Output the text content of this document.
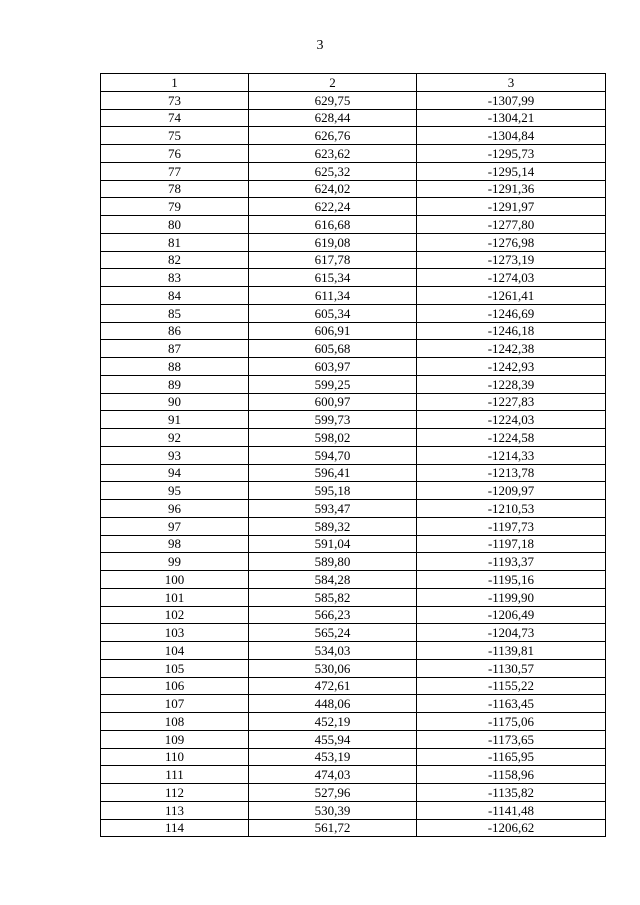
3
1	2	3
73	629,75	-1307,99
74	628,44	-1304,21
75	626,76	-1304,84
76	623,62	-1295,73
77	625,32	-1295,14
78	624,02	-1291,36
79	622,24	-1291,97
80	616,68	-1277,80
81	619,08	-1276,98
82	617,78	-1273,19
83	615,34	-1274,03
84	611,34	-1261,41
85	605,34	-1246,69
86	606,91	-1246,18
87	605,68	-1242,38
88	603,97	-1242,93
89	599,25	-1228,39
90	600,97	-1227,83
91	599,73	-1224,03
92	598,02	-1224,58
93	594,70	-1214,33
94	596,41	-1213,78
95	595,18	-1209,97
96	593,47	-1210,53
97	589,32	-1197,73
98	591,04	-1197,18
99	589,80	-1193,37
100	584,28	-1195,16
101	585,82	-1199,90
102	566,23	-1206,49
103	565,24	-1204,73
104	534,03	-1139,81
105	530,06	-1130,57
106	472,61	-1155,22
107	448,06	-1163,45
108	452,19	-1175,06
109	455,94	-1173,65
110	453,19	-1165,95
111	474,03	-1158,96
112	527,96	-1135,82
113	530,39	-1141,48
114	561,72	-1206,62
